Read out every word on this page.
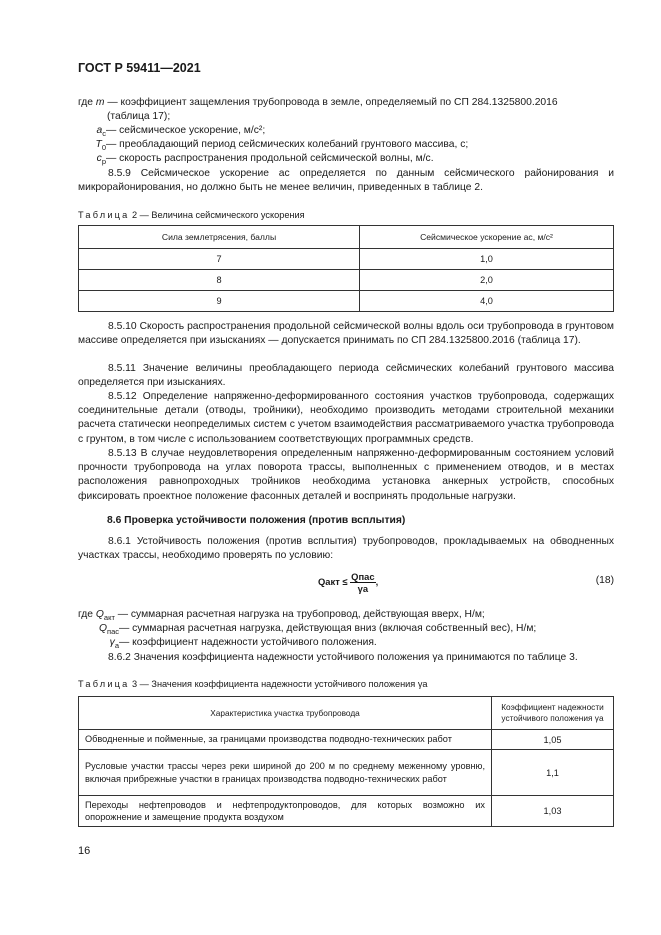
ГОСТ Р 59411—2021
где m — коэффициент защемления трубопровода в земле, определяемый по СП 284.1325800.2016
(таблица 17);
$a_c$ — сейсмическое ускорение, м/с²;
$T_0$ — преобладающий период сейсмических колебаний грунтового массива, с;
$c_p$ — скорость распространения продольной сейсмической волны, м/с.
8.5.9 Сейсмическое ускорение aс определяется по данным сейсмического районирования и микрорайонирования, но должно быть не менее величин, приведенных в таблице 2.
Таблица 2 — Величина сейсмического ускорения
Сила землетрясения, баллы	Сейсмическое ускорение aс, м/с²
7	1,0
8	2,0
9	4,0
8.5.10 Скорость распространения продольной сейсмической волны вдоль оси трубопровода в грунтовом массиве определяется при изысканиях — допускается принимать по СП 284.1325800.2016 (таблица 17).
8.5.11 Значение величины преобладающего периода сейсмических колебаний грунтового массива определяется при изысканиях.
8.5.12 Определение напряженно-деформированного состояния участков трубопровода, содержащих соединительные детали (отводы, тройники), необходимо производить методами строительной механики расчета статически неопределимых систем с учетом взаимодействия рассматриваемого участка трубопровода с грунтом, в том числе с использованием соответствующих программных средств.
8.5.13 В случае неудовлетворения определенным напряженно-деформированным состоянием условий прочности трубопровода на углах поворота трассы, выполненных с применением отводов, и в местах расположения равнопроходных тройников необходима установка анкерных устройств, способных фиксировать проектное положение фасонных деталей и воспринять продольные нагрузки.
8.6 Проверка устойчивости положения (против всплытия)
8.6.1 Устойчивость положения (против всплытия) трубопроводов, прокладываемых на обводненных участках трассы, необходимо проверять по условию:
Qакт ≤ $\frac{\text{Qпас}}{\gamma а}$ ,	(18)
где $Q_{акт}$ — суммарная расчетная нагрузка на трубопровод, действующая вверх, Н/м;
$Q_{пас}$ — суммарная расчетная нагрузка, действующая вниз (включая собственный вес), Н/м;
$\gamma_а$ — коэффициент надежности устойчивого положения.
8.6.2 Значения коэффициента надежности устойчивого положения γа принимаются по таблице 3.
Таблица 3 — Значения коэффициента надежности устойчивого положения γа
Характеристика участка трубопровода	Коэффициент надежности устойчивого положения γа
Обводненные и пойменные, за границами производства подводно-технических работ	1,05
Русловые участки трассы через реки шириной до 200 м по среднему меженному уровню, включая прибрежные участки в границах производства подводно-технических работ	1,1
Переходы нефтепроводов и нефтепродуктопроводов, для которых возможно их опорожнение и замещение продукта воздухом	1,03
16
